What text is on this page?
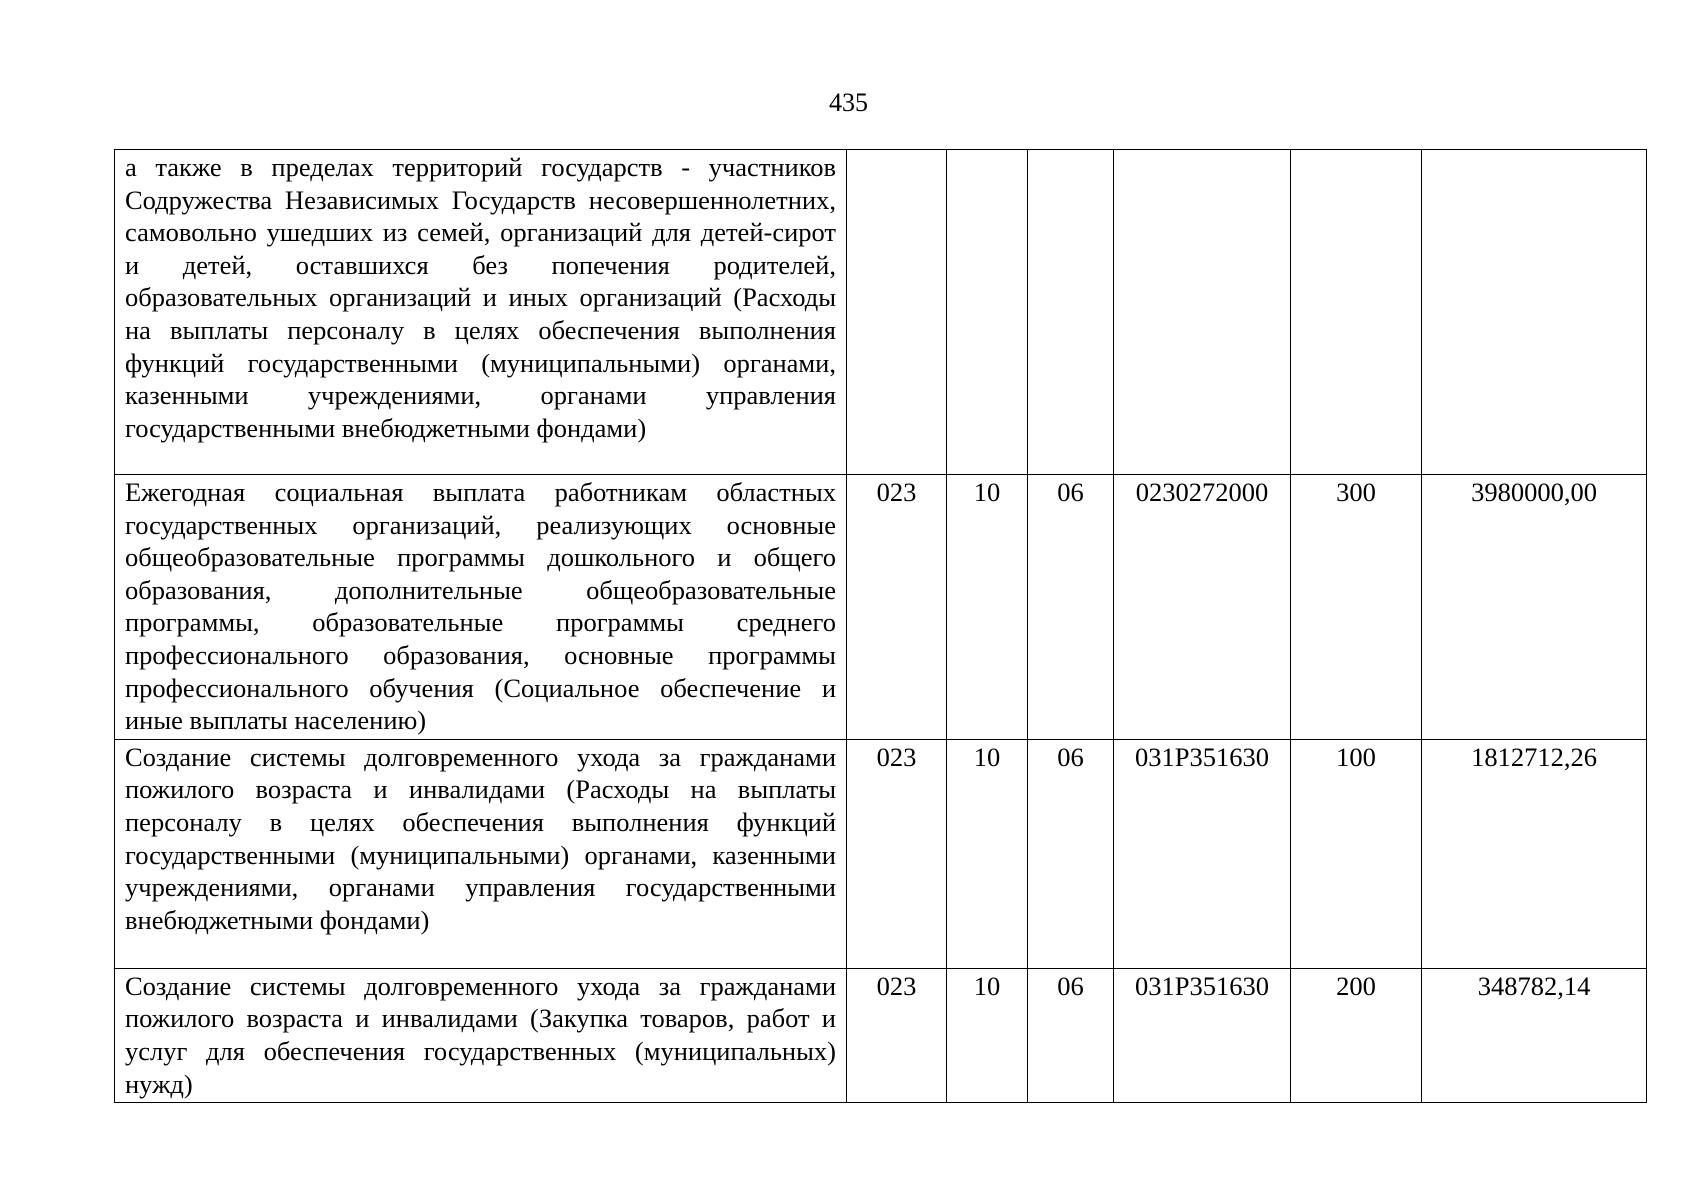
435
а также в пределах территорий государств - участников Содружества Независимых Государств несовершеннолетних, самовольно ушедших из семей, организаций для детей-сирот и детей, оставшихся без попечения родителей, образовательных организаций и иных организаций (Расходы на выплаты персоналу в целях обеспечения выполнения функций государственными (муниципальными) органами, казенными учреждениями, органами управления государственными внебюджетными фондами)						
Ежегодная социальная выплата работникам областных государственных организаций, реализующих основные общеобразовательные программы дошкольного и общего образования, дополнительные общеобразовательные программы, образовательные программы среднего профессионального образования, основные программы профессионального обучения (Социальное обеспечение и иные выплаты населению)	023	10	06	0230272000	300	3980000,00
Создание системы долговременного ухода за гражданами пожилого возраста и инвалидами (Расходы на выплаты персоналу в целях обеспечения выполнения функций государственными (муниципальными) органами, казенными учреждениями, органами управления государственными внебюджетными фондами)	023	10	06	031Р351630	100	1812712,26
Создание системы долговременного ухода за гражданами пожилого возраста и инвалидами (Закупка товаров, работ и услуг для обеспечения государственных (муниципальных) нужд)	023	10	06	031Р351630	200	348782,14
